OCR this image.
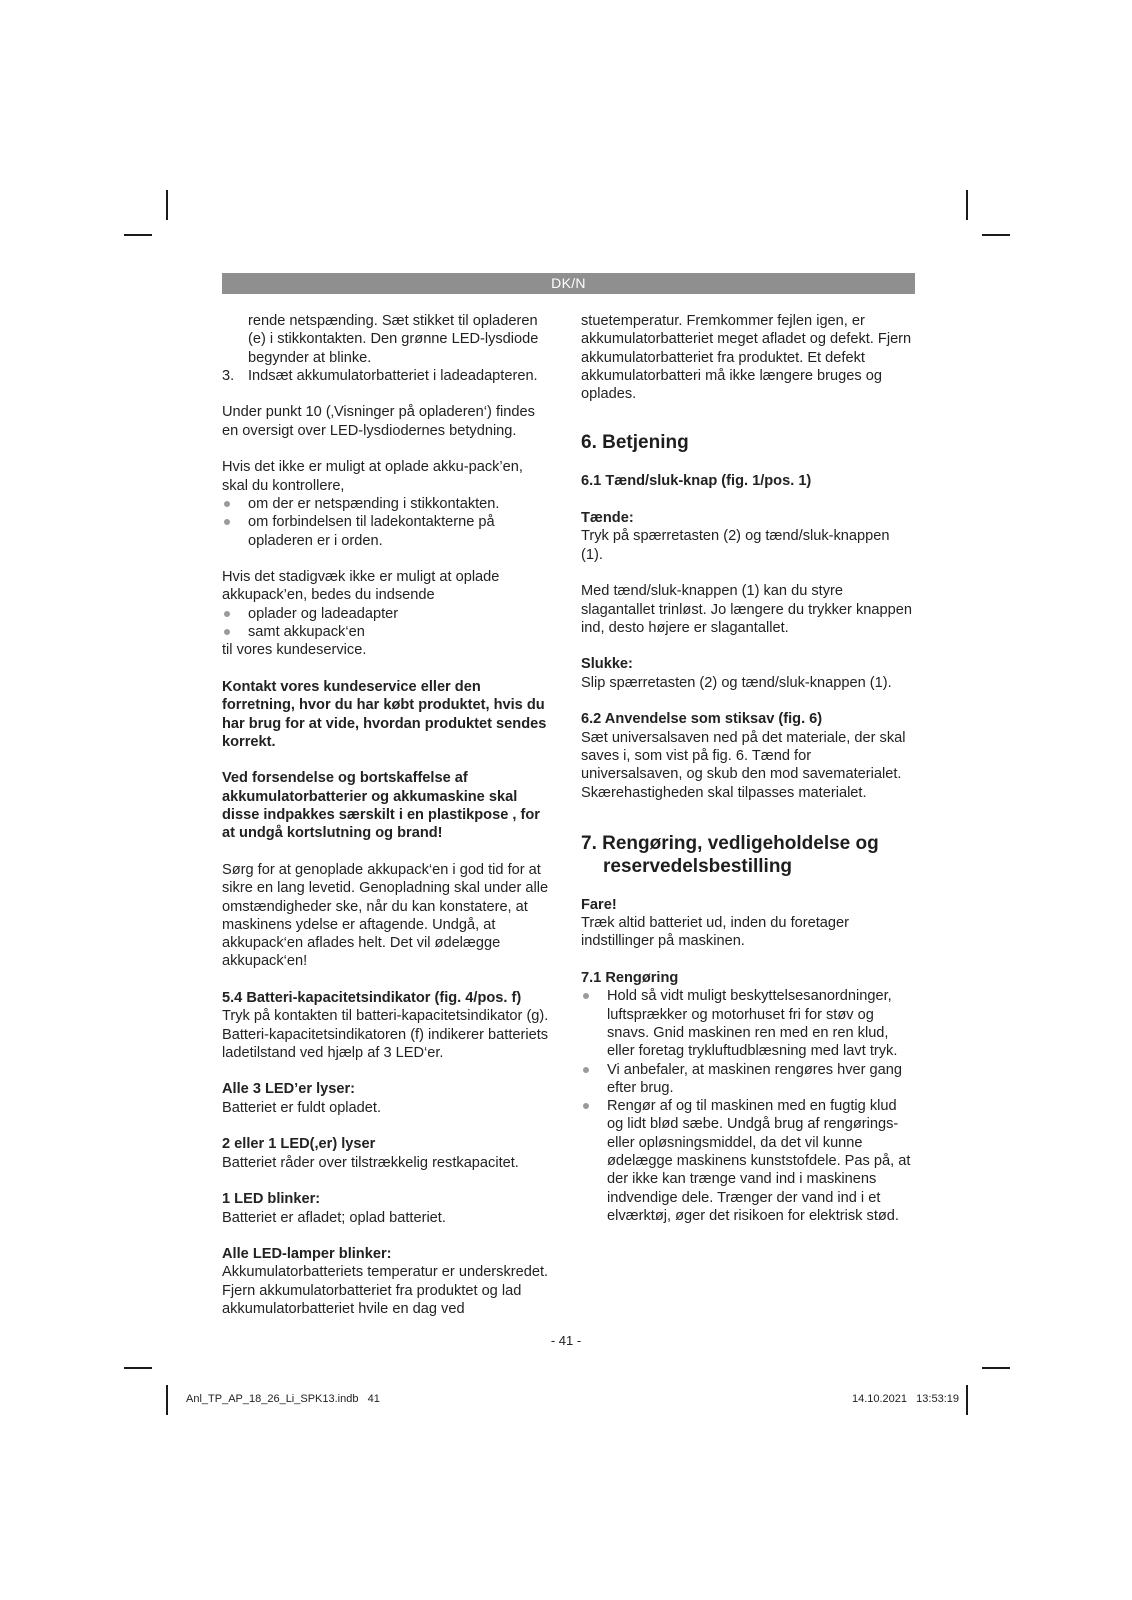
DK/N

rende netspænding. Sæt stikket til opladeren (e) i stikkontakten. Den grønne LED-lysdiode begynder at blinke.

3. Indsæt akkumulatorbatteriet i ladeadapteren.

Under punkt 10 (‚Visninger på opladeren‘) findes en oversigt over LED-lysdiodernes betydning.

Hvis det ikke er muligt at oplade akku-pack’en, skal du kontrollere,

om der er netspænding i stikkontakten.
om forbindelsen til ladekontakterne på opladeren er i orden.

Hvis det stadigvæk ikke er muligt at oplade akkupack’en, bedes du indsende

oplader og ladeadapter
samt akkupack‘en

til vores kundeservice.

Kontakt vores kundeservice eller den forretning, hvor du har købt produktet, hvis du har brug for at vide, hvordan produktet sendes korrekt.

Ved forsendelse og bortskaffelse af akkumulatorbatterier og akkumaskine skal disse indpakkes særskilt i en plastikpose , for at undgå kortslutning og brand!

Sørg for at genoplade akkupack‘en i god tid for at sikre en lang levetid. Genopladning skal under alle omstændigheder ske, når du kan konstatere, at maskinens ydelse er aftagende. Undgå, at akkupack‘en aflades helt. Det vil ødelægge akkupack‘en!

5.4 Batteri-kapacitetsindikator (fig. 4/pos. f)

Tryk på kontakten til batteri-kapacitetsindikator (g). Batteri-kapacitetsindikatoren (f) indikerer batteriets ladetilstand ved hjælp af 3 LED‘er.

Alle 3 LED’er lyser:

Batteriet er fuldt opladet.

2 eller 1 LED(,er) lyser

Batteriet råder over tilstrækkelig restkapacitet.

1 LED blinker:

Batteriet er afladet; oplad batteriet.

Alle LED-lamper blinker:

Akkumulatorbatteriets temperatur er underskredet. Fjern akkumulatorbatteriet fra produktet og lad akkumulatorbatteriet hvile en dag ved

stuetemperatur. Fremkommer fejlen igen, er akkumulatorbatteriet meget afladet og defekt. Fjern akkumulatorbatteriet fra produktet. Et defekt akkumulatorbatteri må ikke længere bruges og oplades.

6. Betjening
6.1 Tænd/sluk-knap (fig. 1/pos. 1)
Tænde:

Tryk på spærretasten (2) og tænd/sluk-knappen (1).

Med tænd/sluk-knappen (1) kan du styre slagantallet trinløst. Jo længere du trykker knappen ind, desto højere er slagantallet.

Slukke:

Slip spærretasten (2) og tænd/sluk-knappen (1).

6.2 Anvendelse som stiksav (fig. 6)

Sæt universalsaven ned på det materiale, der skal saves i, som vist på fig. 6. Tænd for universalsaven, og skub den mod savematerialet. Skærehastigheden skal tilpasses materialet.

7. Rengøring, vedligeholdelse og
reservedelsbestilling
Fare!

Træk altid batteriet ud, inden du foretager indstillinger på maskinen.

7.1 Rengøring
Hold så vidt muligt beskyttelsesanordninger, luftsprækker og motorhuset fri for støv og snavs. Gnid maskinen ren med en ren klud, eller foretag trykluftudblæsning med lavt tryk.
Vi anbefaler, at maskinen rengøres hver gang efter brug.
Rengør af og til maskinen med en fugtig klud og lidt blød sæbe. Undgå brug af rengørings- eller opløsningsmiddel, da det vil kunne ødelægge maskinens kunststofdele. Pas på, at der ikke kan trænge vand ind i maskinens indvendige dele. Trænger der vand ind i et elværktøj, øger det risikoen for elektrisk stød.
- 41 -
Anl_TP_AP_18_26_Li_SPK13.indb   41	14.10.2021   13:53:19
